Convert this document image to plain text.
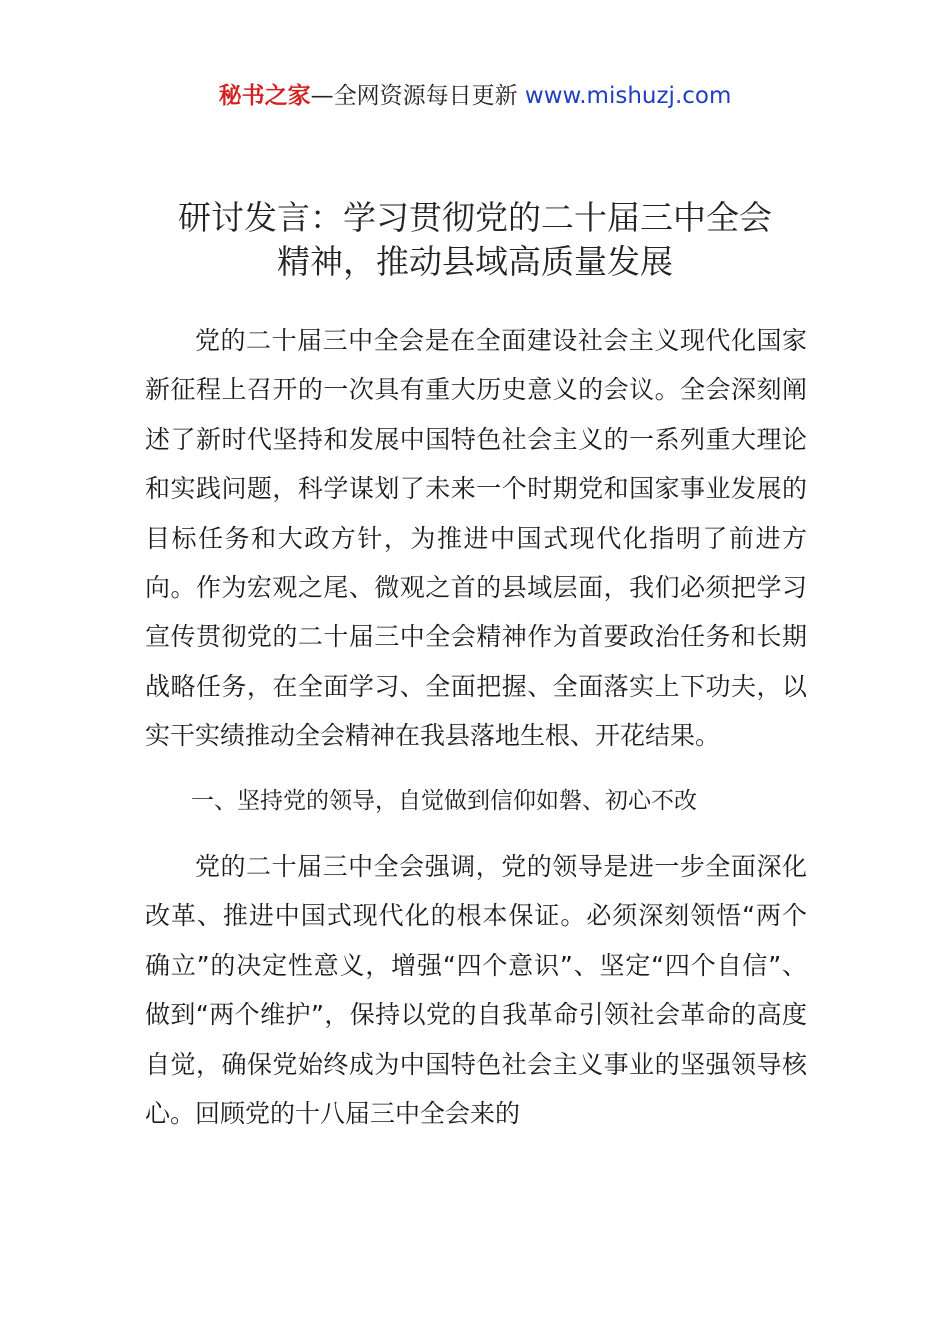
秘书之家—全网资源每日更新 www.mishuzj.com
研讨发言：学习贯彻党的二十届三中全会
精神，推动县域高质量发展

党的二十届三中全会是在全面建设社会主义现代化国家新征程上召开的一次具有重大历史意义的会议。全会深刻阐述了新时代坚持和发展中国特色社会主义的一系列重大理论和实践问题，科学谋划了未来一个时期党和国家事业发展的目标任务和大政方针，为推进中国式现代化指明了前进方向。作为宏观之尾、微观之首的县域层面，我们必须把学习宣传贯彻党的二十届三中全会精神作为首要政治任务和长期战略任务，在全面学习、全面把握、全面落实上下功夫，以实干实绩推动全会精神在我县落地生根、开花结果。

一、坚持党的领导，自觉做到信仰如磐、初心不改

党的二十届三中全会强调，党的领导是进一步全面深化改革、推进中国式现代化的根本保证。必须深刻领悟“两个确立”的决定性意义，增强“四个意识”、坚定“四个自信”、做到“两个维护”，保持以党的自我革命引领社会革命的高度自觉，确保党始终成为中国特色社会主义事业的坚强领导核心。回顾党的十八届三中全会来的
